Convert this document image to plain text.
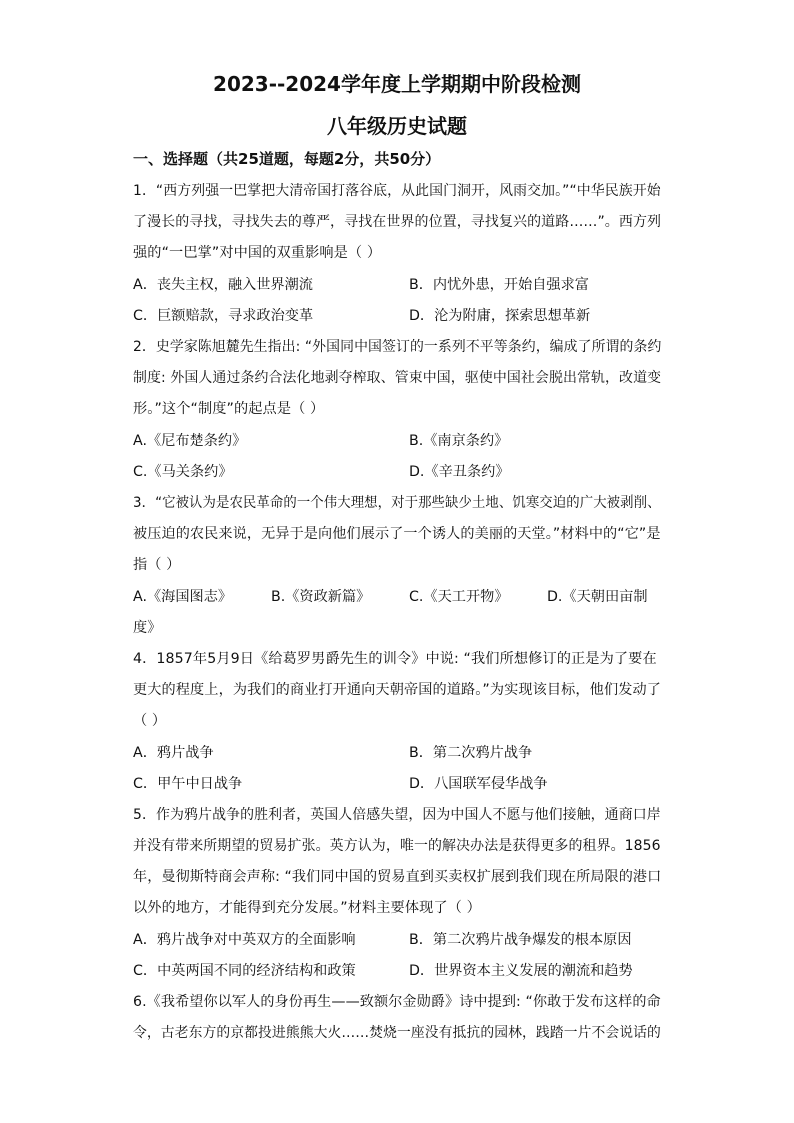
2023--2024学年度上学期期中阶段检测
八年级历史试题
一、选择题（共25道题，每题2分，共50分）
1．“西方列强一巴掌把大清帝国打落谷底，从此国门洞开，风雨交加。”“中华民族开始
了漫长的寻找，寻找失去的尊严，寻找在世界的位置，寻找复兴的道路……”。西方列
强的“一巴掌”对中国的双重影响是（ ）
A．丧失主权，融入世界潮流	B．内忧外患，开始自强求富
C．巨额赔款，寻求政治变革	D．沦为附庸，探索思想革新
2．史学家陈旭麓先生指出: “外国同中国签订的一系列不平等条约，编成了所谓的条约
制度: 外国人通过条约合法化地剥夺榨取、管束中国，驱使中国社会脱出常轨，改道变
形。”这个“制度”的起点是（ ）
A.《尼布楚条约》	B.《南京条约》
C.《马关条约》	D.《辛丑条约》
3．“它被认为是农民革命的一个伟大理想，对于那些缺少土地、饥寒交迫的广大被剥削、
被压迫的农民来说，无异于是向他们展示了一个诱人的美丽的天堂。”材料中的“它”是
指（ ）
A.《海国图志》	B.《资政新篇》	C.《天工开物》	D.《天朝田亩制
度》
4．1857年5月9日《给葛罗男爵先生的训令》中说: “我们所想修订的正是为了要在
更大的程度上，为我们的商业打开通向天朝帝国的道路。”为实现该目标，他们发动了
（ ）
A．鸦片战争	B．第二次鸦片战争
C．甲午中日战争	D．八国联军侵华战争
5．作为鸦片战争的胜利者，英国人倍感失望，因为中国人不愿与他们接触，通商口岸
并没有带来所期望的贸易扩张。英方认为，唯一的解决办法是获得更多的租界。1856
年，曼彻斯特商会声称: “我们同中国的贸易直到买卖权扩展到我们现在所局限的港口
以外的地方，才能得到充分发展。”材料主要体现了（ ）
A．鸦片战争对中英双方的全面影响	B．第二次鸦片战争爆发的根本原因
C．中英两国不同的经济结构和政策	D．世界资本主义发展的潮流和趋势
6.《我希望你以军人的身份再生——致额尔金勋爵》诗中提到: “你敢于发布这样的命
令，古老东方的京都投进熊熊大火……焚烧一座没有抵抗的园林，践踏一片不会说话的
